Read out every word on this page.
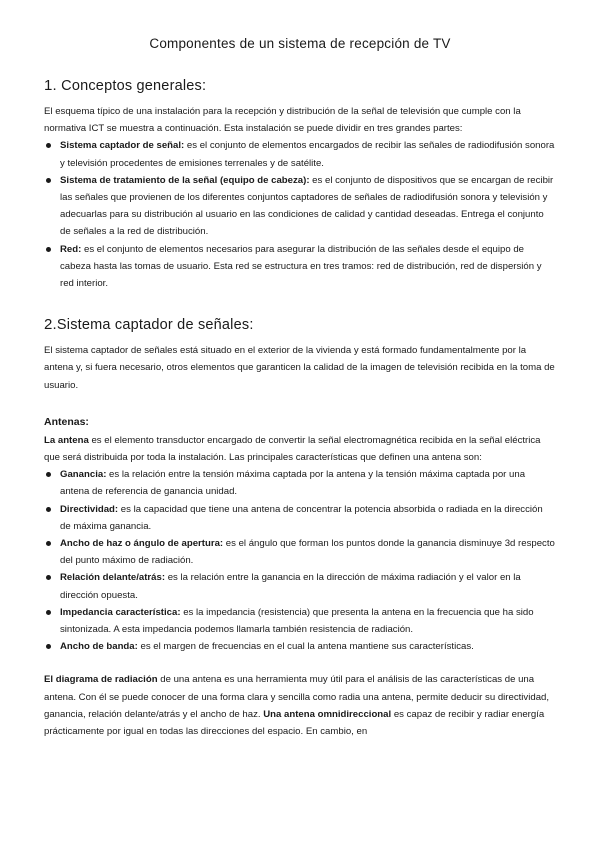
Componentes de un sistema de recepción de TV
1. Conceptos generales:

El esquema típico de una instalación para la recepción y distribución de la señal de televisión que cumple con la normativa ICT se muestra a continuación. Esta instalación se puede dividir en tres grandes partes:

Sistema captador de señal: es el conjunto de elementos encargados de recibir las señales de radiodifusión sonora y televisión procedentes de emisiones terrenales y de satélite.
Sistema de tratamiento de la señal (equipo de cabeza): es el conjunto de dispositivos que se encargan de recibir las señales que provienen de los diferentes conjuntos captadores de señales de radiodifusión sonora y televisión y adecuarlas para su distribución al usuario en las condiciones de calidad y cantidad deseadas. Entrega el conjunto de señales a la red de distribución.
Red: es el conjunto de elementos necesarios para asegurar la distribución de las señales desde el equipo de cabeza hasta las tomas de usuario. Esta red se estructura en tres tramos: red de distribución, red de dispersión y red interior.
2.Sistema captador de señales:

El sistema captador de señales está situado en el exterior de la vivienda y está formado fundamentalmente por la antena y, si fuera necesario, otros elementos que garanticen la calidad de la imagen de televisión recibida en la toma de usuario.

Antenas:

La antena es el elemento transductor encargado de convertir la señal electromagnética recibida en la señal eléctrica que será distribuida por toda la instalación. Las principales características que definen una antena son:

Ganancia: es la relación entre la tensión máxima captada por la antena y la tensión máxima captada por una antena de referencia de ganancia unidad.
Directividad: es la capacidad que tiene una antena de concentrar la potencia absorbida o radiada en la dirección de máxima ganancia.
Ancho de haz o ángulo de apertura: es el ángulo que forman los puntos donde la ganancia disminuye 3d respecto del punto máximo de radiación.
Relación delante/atrás: es la relación entre la ganancia en la dirección de máxima radiación y el valor en la dirección opuesta.
Impedancia característica: es la impedancia (resistencia) que presenta la antena en la frecuencia que ha sido sintonizada. A esta impedancia podemos llamarla también resistencia de radiación.
Ancho de banda: es el margen de frecuencias en el cual la antena mantiene sus características.

El diagrama de radiación de una antena es una herramienta muy útil para el análisis de las características de una antena. Con él se puede conocer de una forma clara y sencilla como radia una antena, permite deducir su directividad, ganancia, relación delante/atrás y el ancho de haz. Una antena omnidireccional es capaz de recibir y radiar energía prácticamente por igual en todas las direcciones del espacio. En cambio, en
